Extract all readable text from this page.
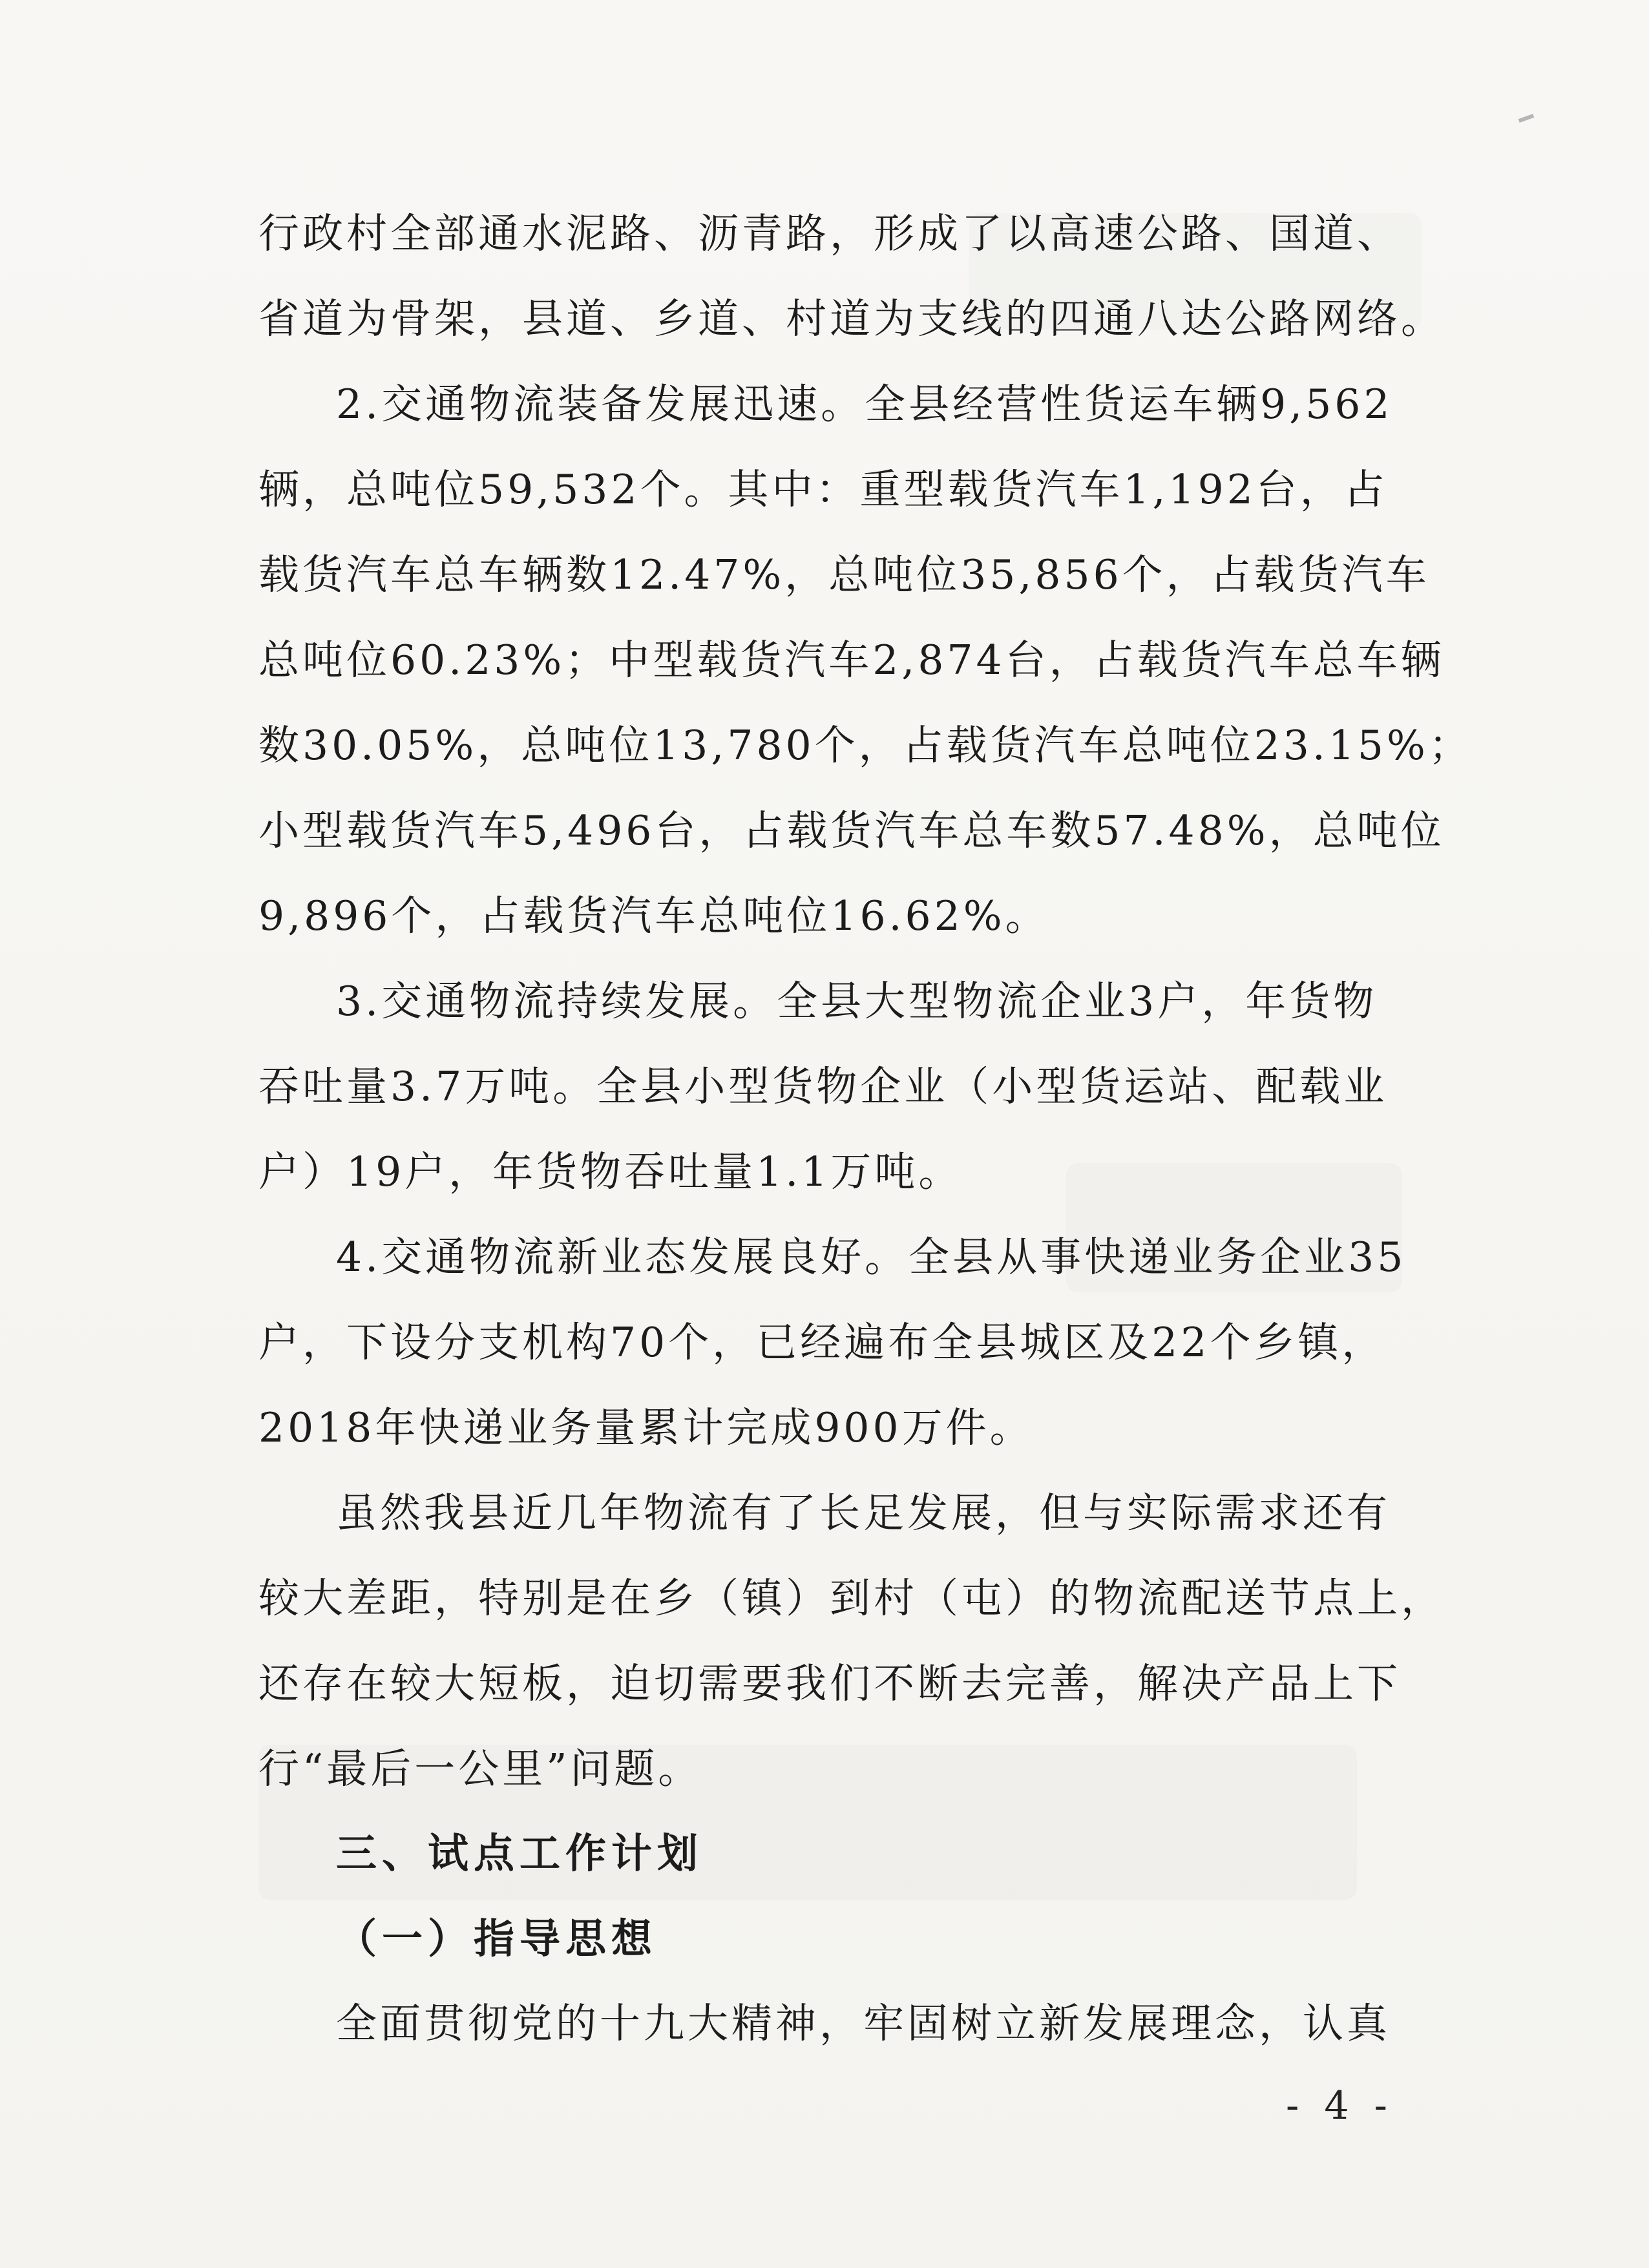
行政村全部通水泥路、沥青路，形成了以高速公路、国道、
省道为骨架，县道、乡道、村道为支线的四通八达公路网络。
2.交通物流装备发展迅速。全县经营性货运车辆9,562
辆，总吨位59,532个。其中：重型载货汽车1,192台，占
载货汽车总车辆数12.47%，总吨位35,856个，占载货汽车
总吨位60.23%；中型载货汽车2,874台，占载货汽车总车辆
数30.05%，总吨位13,780个，占载货汽车总吨位23.15%；
小型载货汽车5,496台，占载货汽车总车数57.48%，总吨位
9,896个，占载货汽车总吨位16.62%。
3.交通物流持续发展。全县大型物流企业3户，年货物
吞吐量3.7万吨。全县小型货物企业（小型货运站、配载业
户）19户，年货物吞吐量1.1万吨。
4.交通物流新业态发展良好。全县从事快递业务企业35
户，下设分支机构70个，已经遍布全县城区及22个乡镇，
2018年快递业务量累计完成900万件。
虽然我县近几年物流有了长足发展，但与实际需求还有
较大差距，特别是在乡（镇）到村（屯）的物流配送节点上，
还存在较大短板，迫切需要我们不断去完善，解决产品上下
行“最后一公里”问题。
三、试点工作计划
（一）指导思想
全面贯彻党的十九大精神，牢固树立新发展理念，认真
- 4 -
